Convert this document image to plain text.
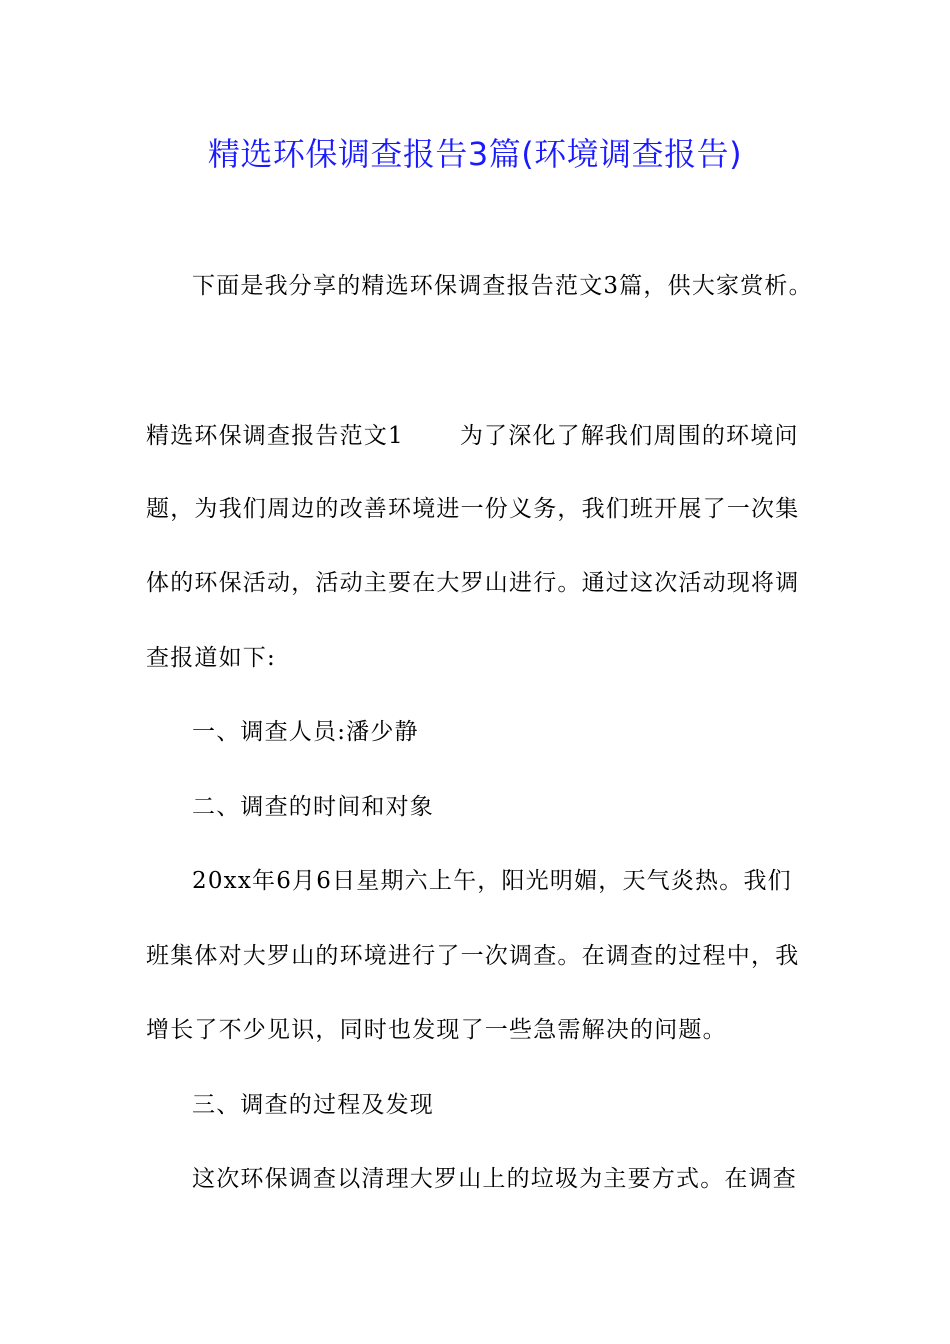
精选环保调查报告3篇(环境调查报告)
下面是我分享的精选环保调查报告范文3篇，供大家赏析。
精选环保调查报告范文1 为了深化了解我们周围的环境问
题，为我们周边的改善环境进一份义务，我们班开展了一次集
体的环保活动，活动主要在大罗山进行。通过这次活动现将调
查报道如下:
一、调查人员:潘少静
二、调查的时间和对象
20xx年6月6日星期六上午，阳光明媚，天气炎热。我们
班集体对大罗山的环境进行了一次调查。在调查的过程中，我
增长了不少见识，同时也发现了一些急需解决的问题。
三、调查的过程及发现
这次环保调查以清理大罗山上的垃圾为主要方式。在调查
